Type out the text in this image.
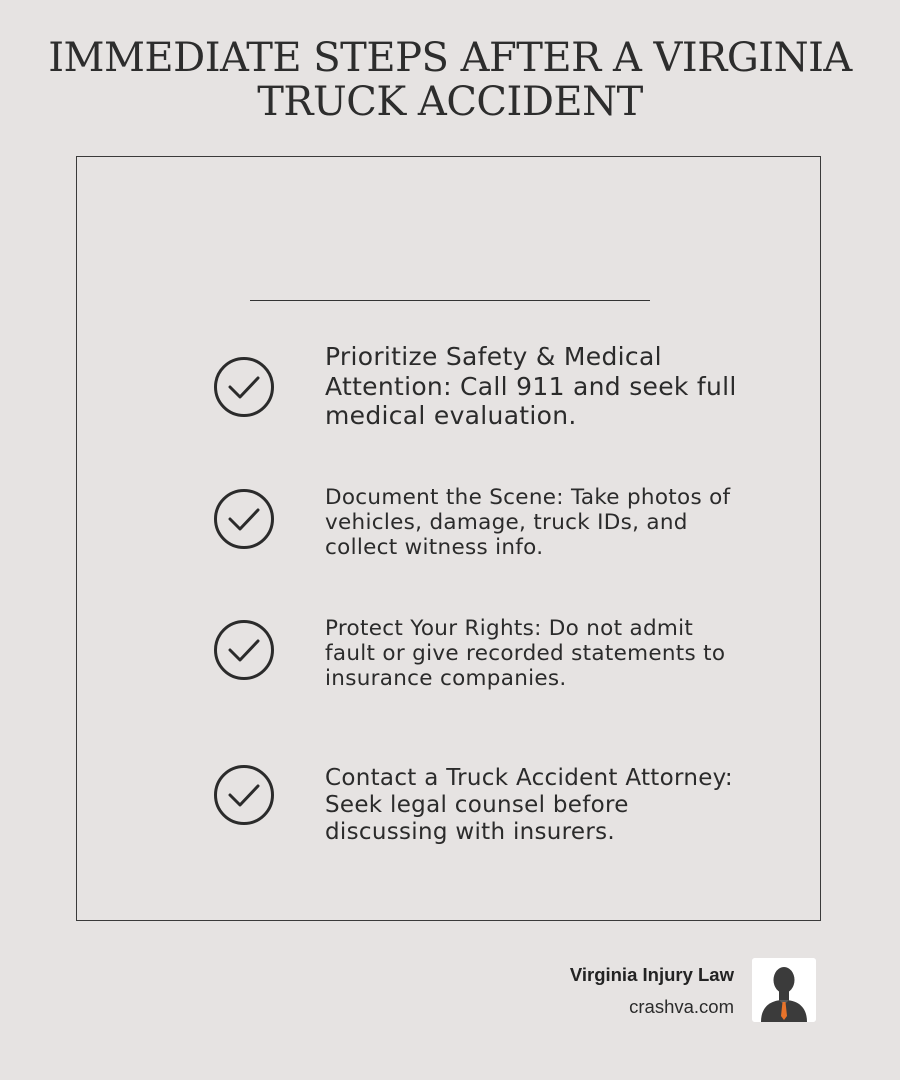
IMMEDIATE STEPS AFTER A VIRGINIA TRUCK ACCIDENT
Prioritize Safety & Medical Attention: Call 911 and seek full medical evaluation.
Document the Scene: Take photos of vehicles, damage, truck IDs, and collect witness info.
Protect Your Rights: Do not admit fault or give recorded statements to insurance companies.
Contact a Truck Accident Attorney: Seek legal counsel before discussing with insurers.
Virginia Injury Law
crashva.com
